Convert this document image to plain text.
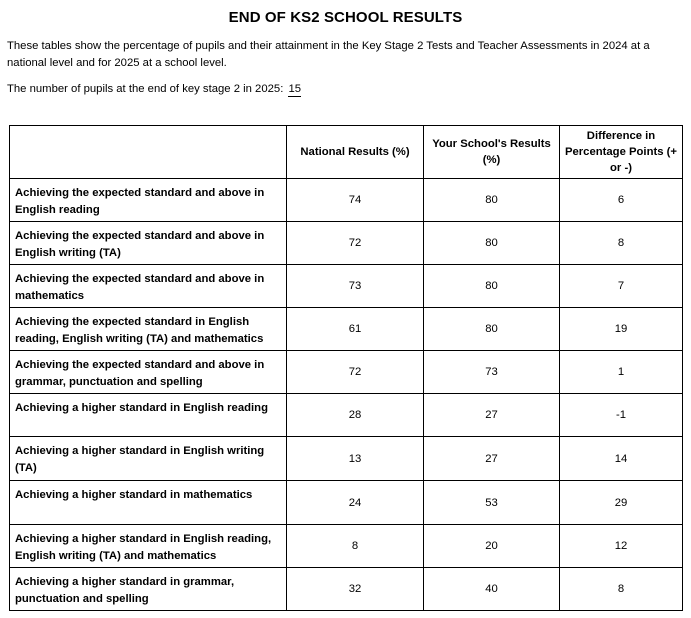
END OF KS2 SCHOOL RESULTS
These tables show the percentage of pupils and their attainment in the Key Stage 2 Tests and Teacher Assessments in 2024 at a national level and for 2025 at a school level.
The number of pupils at the end of key stage 2 in 2025: 15
	National Results (%)	Your School's Results (%)	Difference in Percentage Points (+ or -)
Achieving the expected standard and above in English reading	74	80	6
Achieving the expected standard and above in English writing (TA)	72	80	8
Achieving the expected standard and above in mathematics	73	80	7
Achieving the expected standard in English reading, English writing (TA) and mathematics	61	80	19
Achieving the expected standard and above in grammar, punctuation and spelling	72	73	1
Achieving a higher standard in English reading	28	27	-1
Achieving a higher standard in English writing (TA)	13	27	14
Achieving a higher standard in mathematics	24	53	29
Achieving a higher standard in English reading, English writing (TA) and mathematics	8	20	12
Achieving a higher standard in grammar, punctuation and spelling	32	40	8
